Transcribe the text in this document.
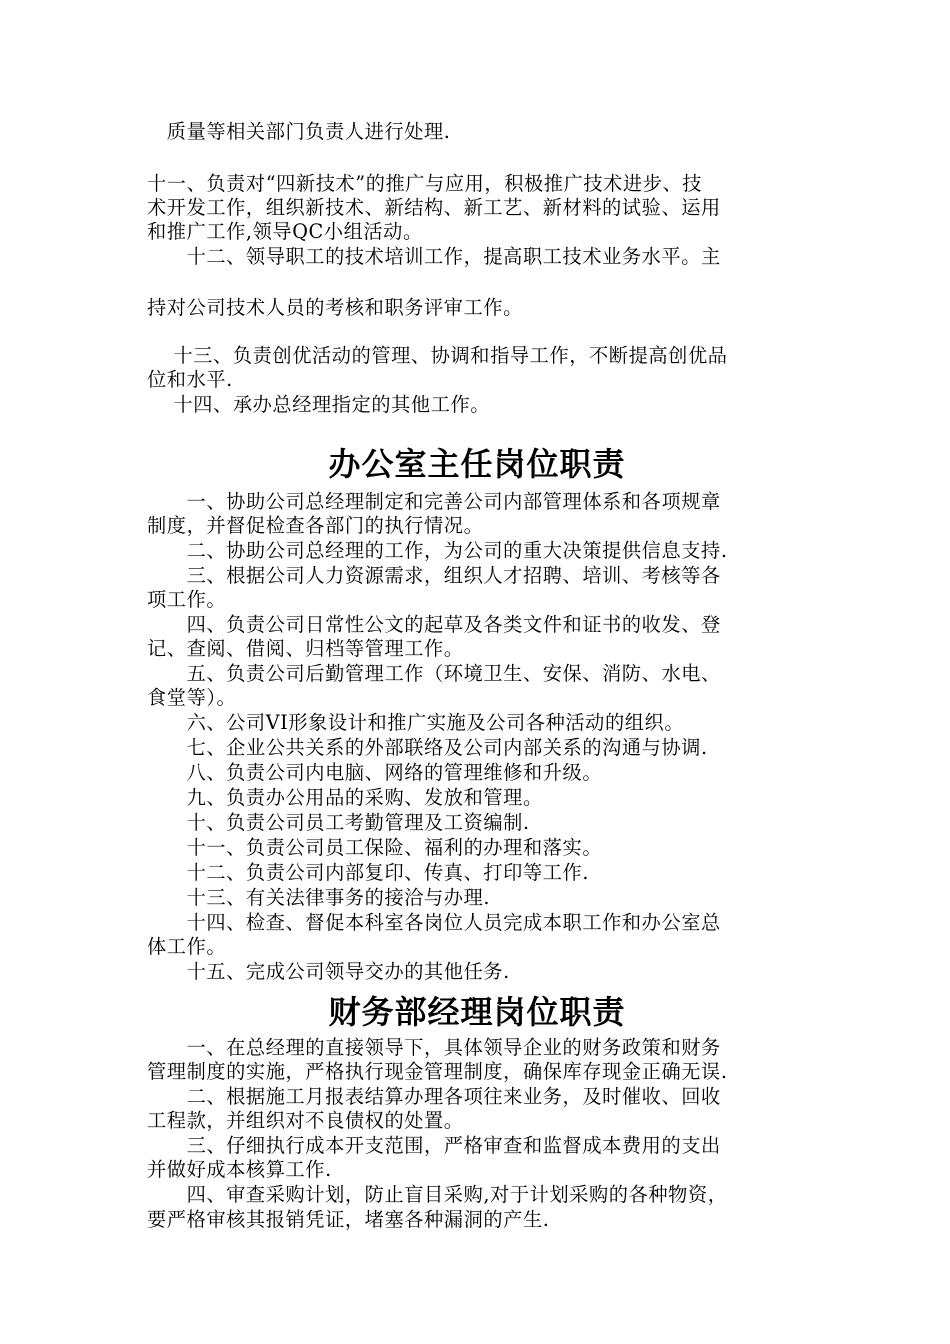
　质量等相关部门负责人进行处理.

十一、负责对“四新技术”的推广与应用，积极推广技术进步、技

术开发工作，组织新技术、新结构、新工艺、新材料的试验、运用

和推广工作,领导QC小组活动。

　　十二、领导职工的技术培训工作，提高职工技术业务水平。主

持对公司技术人员的考核和职务评审工作。

　 十三、负责创优活动的管理、协调和指导工作，不断提高创优品

位和水平.

　 十四、承办总经理指定的其他工作。

办公室主任岗位职责

　　一、协助公司总经理制定和完善公司内部管理体系和各项规章

制度，并督促检查各部门的执行情况。

　　二、协助公司总经理的工作，为公司的重大决策提供信息支持.

　　三、根据公司人力资源需求，组织人才招聘、培训、考核等各

项工作。

　　四、负责公司日常性公文的起草及各类文件和证书的收发、登

记、查阅、借阅、归档等管理工作。

　　五、负责公司后勤管理工作（环境卫生、安保、消防、水电、

食堂等）。

　　六、公司VI形象设计和推广实施及公司各种活动的组织。

　　七、企业公共关系的外部联络及公司内部关系的沟通与协调.

　　八、负责公司内电脑、网络的管理维修和升级。

　　九、负责办公用品的采购、发放和管理。

　　十、负责公司员工考勤管理及工资编制.

　　十一、负责公司员工保险、福利的办理和落实。

　　十二、负责公司内部复印、传真、打印等工作.

　　十三、有关法律事务的接洽与办理.

　　十四、检查、督促本科室各岗位人员完成本职工作和办公室总

体工作。

　　十五、完成公司领导交办的其他任务.

财务部经理岗位职责

　　一、在总经理的直接领导下，具体领导企业的财务政策和财务

管理制度的实施，严格执行现金管理制度，确保库存现金正确无误.

　　二、根据施工月报表结算办理各项往来业务，及时催收、回收

工程款，并组织对不良债权的处置。

　　三、仔细执行成本开支范围，严格审查和监督成本费用的支出

并做好成本核算工作.

　　四、审查采购计划，防止盲目采购,对于计划采购的各种物资，

要严格审核其报销凭证，堵塞各种漏洞的产生.
